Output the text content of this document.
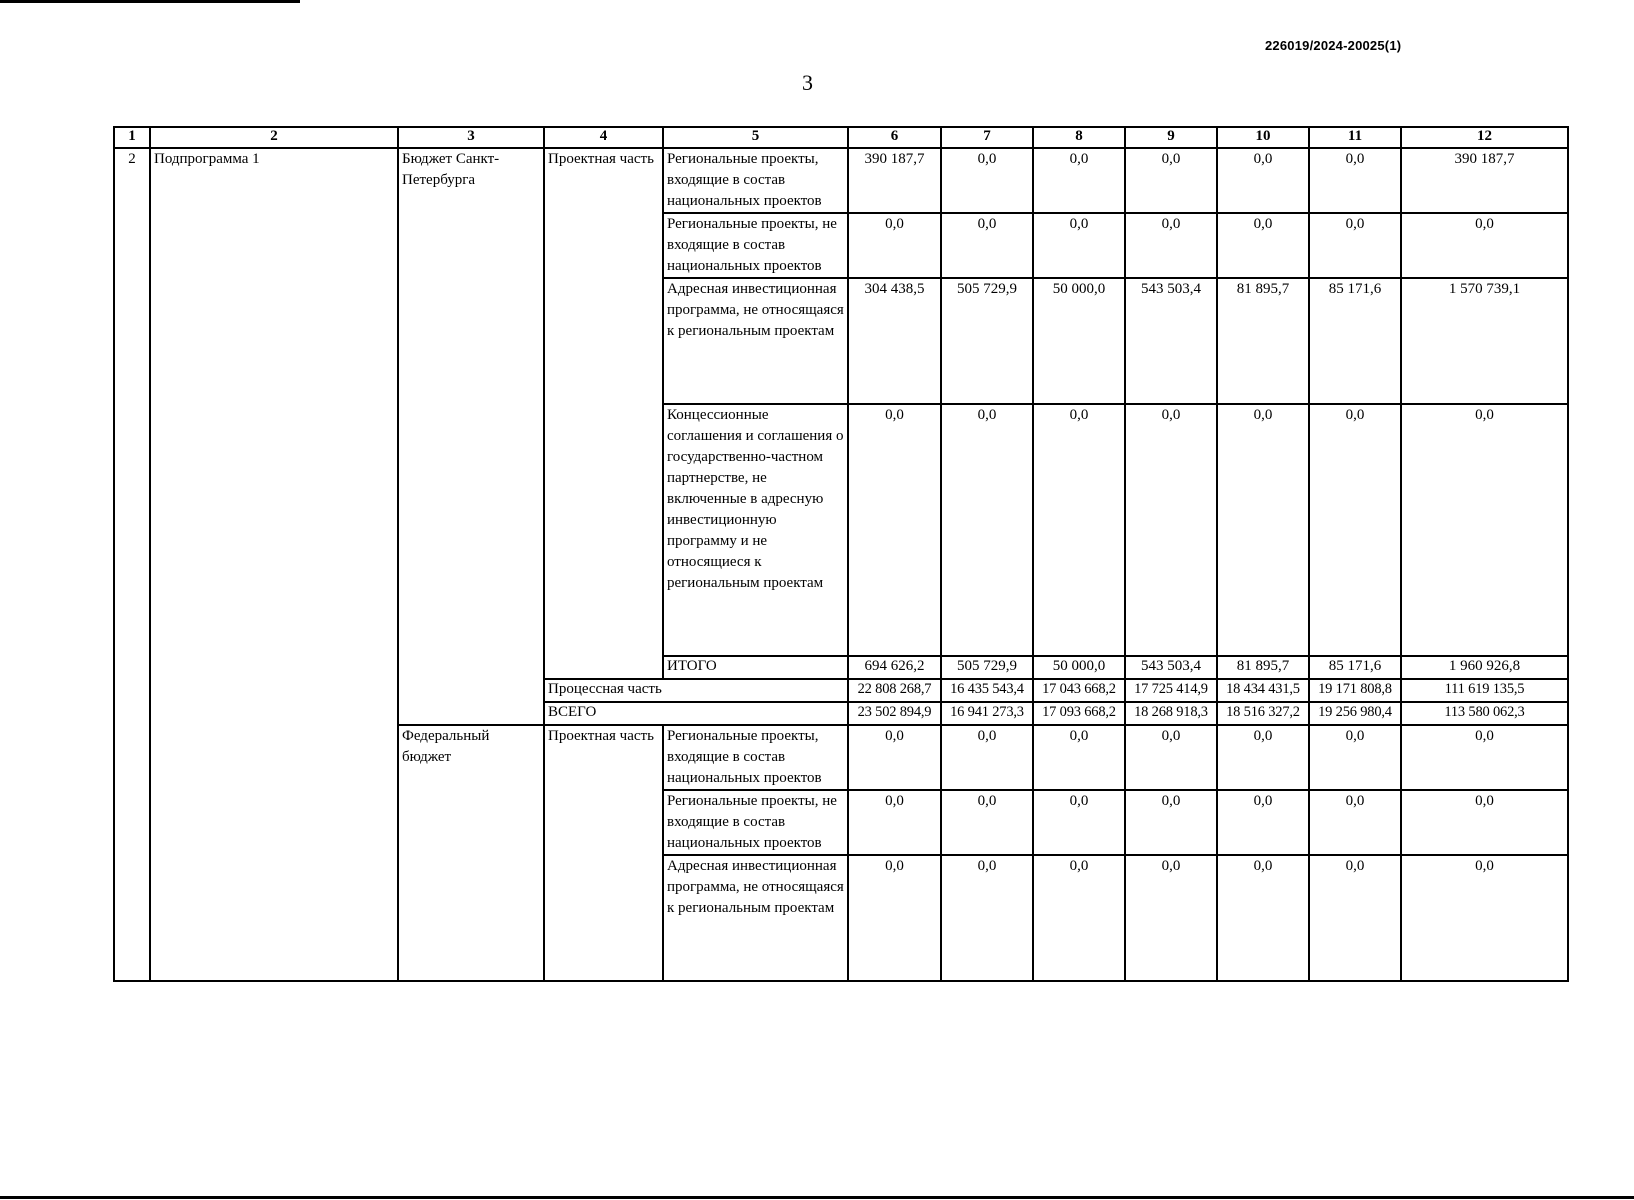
226019/2024-20025(1)
3
1	2	3	4	5	6	7	8	9	10	11	12
2	Подпрограмма 1	Бюджет Санкт-Петербурга	Проектная часть	Региональные проекты, входящие в состав национальных проектов	390 187,7	0,0	0,0	0,0	0,0	0,0	390 187,7
				Региональные проекты, не входящие в состав национальных проектов	0,0	0,0	0,0	0,0	0,0	0,0	0,0
				Адресная инвестиционная программа, не относящаяся к региональным проектам	304 438,5	505 729,9	50 000,0	543 503,4	81 895,7	85 171,6	1 570 739,1
				Концессионные соглашения и соглашения о государственно-частном партнерстве, не включенные в адресную инвестиционную программу и не относящиеся к региональным проектам	0,0	0,0	0,0	0,0	0,0	0,0	0,0
				ИТОГО	694 626,2	505 729,9	50 000,0	543 503,4	81 895,7	85 171,6	1 960 926,8
			Процессная часть		22 808 268,7	16 435 543,4	17 043 668,2	17 725 414,9	18 434 431,5	19 171 808,8	111 619 135,5
			ВСЕГО		23 502 894,9	16 941 273,3	17 093 668,2	18 268 918,3	18 516 327,2	19 256 980,4	113 580 062,3
		Федеральный бюджет	Проектная часть	Региональные проекты, входящие в состав национальных проектов	0,0	0,0	0,0	0,0	0,0	0,0	0,0
				Региональные проекты, не входящие в состав национальных проектов	0,0	0,0	0,0	0,0	0,0	0,0	0,0
				Адресная инвестиционная программа, не относящаяся к региональным проектам	0,0	0,0	0,0	0,0	0,0	0,0	0,0
